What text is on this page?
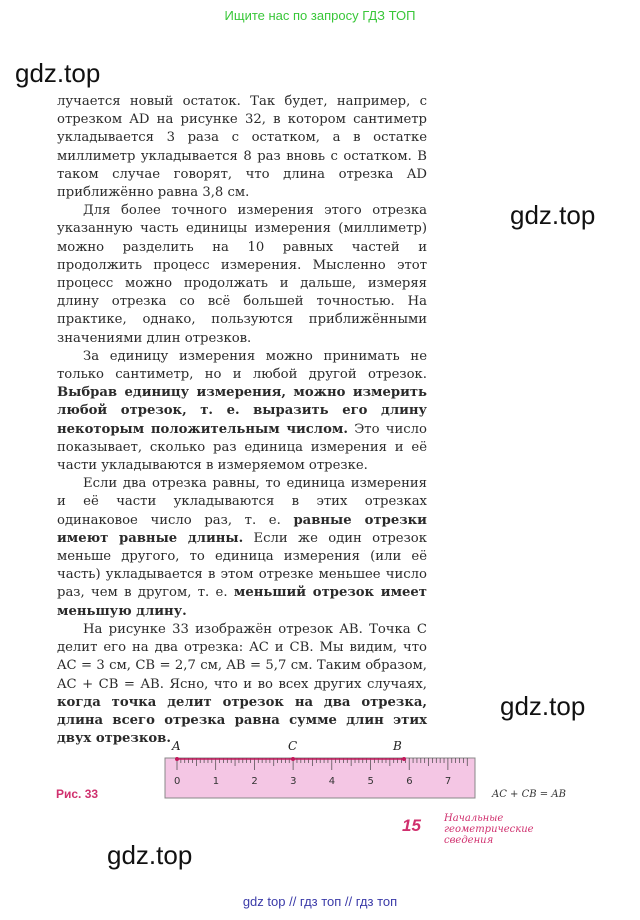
Ищите нас по запросу ГДЗ ТОП
gdz.top
gdz.top
gdz.top
gdz.top

лучается новый остаток. Так будет, например, с отрезком AD на рисунке 32, в котором сантиметр укладывается 3 раза с остатком, а в остатке миллиметр укладывается 8 раз вновь с остатком. В таком случае говорят, что длина отрезка AD приближённо равна 3,8 см.

Для более точного измерения этого отрезка указанную часть единицы измерения (миллиметр) можно разделить на 10 равных частей и продолжить процесс измерения. Мысленно этот процесс можно продолжать и дальше, измеряя длину отрезка со всё большей точностью. На практике, однако, пользуются приближёнными значениями длин отрезков.

За единицу измерения можно принимать не только сантиметр, но и любой другой отрезок. Выбрав единицу измерения, можно измерить любой отрезок, т. е. выразить его длину некоторым положительным числом. Это число показывает, сколько раз единица измерения и её части укладываются в измеряемом отрезке.

Если два отрезка равны, то единица измерения и её части укладываются в этих отрезках одинаковое число раз, т. е. равные отрезки имеют равные длины. Если же один отрезок меньше другого, то единица измерения (или её часть) укладывается в этом отрезке меньшее число раз, чем в другом, т. е. меньший отрезок имеет меньшую длину.

На рисунке 33 изображён отрезок AB. Точка C делит его на два отрезка: AC и CB. Мы видим, что AC = 3 см, CB = 2,7 см, AB = 5,7 см. Таким образом, AC + CB = AB. Ясно, что и во всех других случаях, когда точка делит отрезок на два отрезка, длина всего отрезка равна сумме длин этих двух отрезков.

0	1	2	3	4	5	6	7
A	C	B
Рис. 33	AC + CB = AB
15 Начальные геометрические сведения
gdz top // гдз топ // гдз топ
